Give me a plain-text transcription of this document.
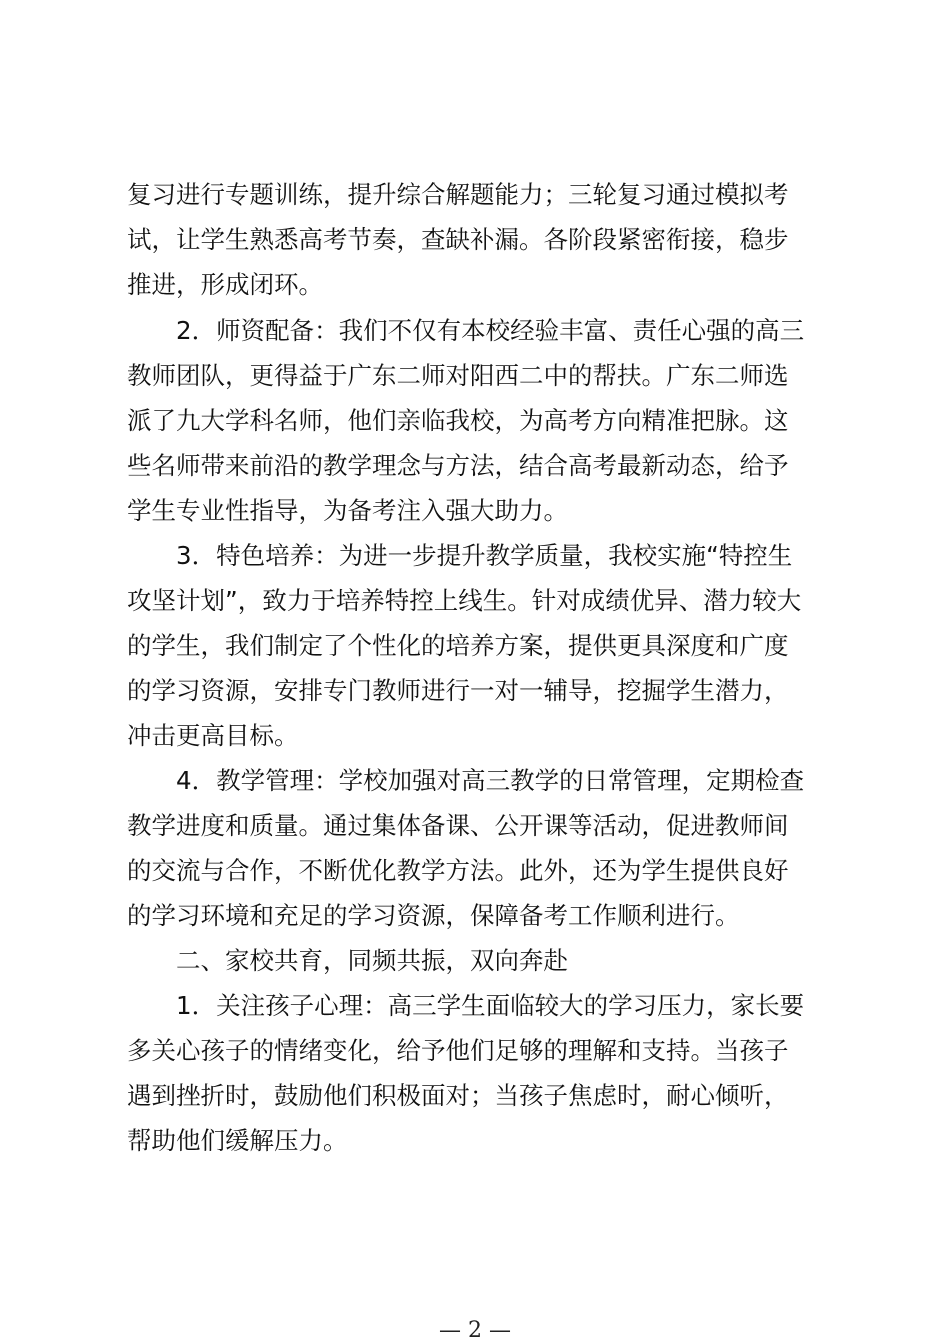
复习进行专题训练，提升综合解题能力；三轮复习通过模拟考
试，让学生熟悉高考节奏，查缺补漏。各阶段紧密衔接，稳步
推进，形成闭环。
　　2．师资配备：我们不仅有本校经验丰富、责任心强的高三
教师团队，更得益于广东二师对阳西二中的帮扶。广东二师选
派了九大学科名师，他们亲临我校，为高考方向精准把脉。这
些名师带来前沿的教学理念与方法，结合高考最新动态，给予
学生专业性指导，为备考注入强大助力。
　　3．特色培养：为进一步提升教学质量，我校实施“特控生
攻坚计划”，致力于培养特控上线生。针对成绩优异、潜力较大
的学生，我们制定了个性化的培养方案，提供更具深度和广度
的学习资源，安排专门教师进行一对一辅导，挖掘学生潜力，
冲击更高目标。
　　4．教学管理：学校加强对高三教学的日常管理，定期检查
教学进度和质量。通过集体备课、公开课等活动，促进教师间
的交流与合作，不断优化教学方法。此外，还为学生提供良好
的学习环境和充足的学习资源，保障备考工作顺利进行。
　　二、家校共育，同频共振，双向奔赴
　　1．关注孩子心理：高三学生面临较大的学习压力，家长要
多关心孩子的情绪变化，给予他们足够的理解和支持。当孩子
遇到挫折时，鼓励他们积极面对；当孩子焦虑时，耐心倾听，
帮助他们缓解压力。
— 2 —
